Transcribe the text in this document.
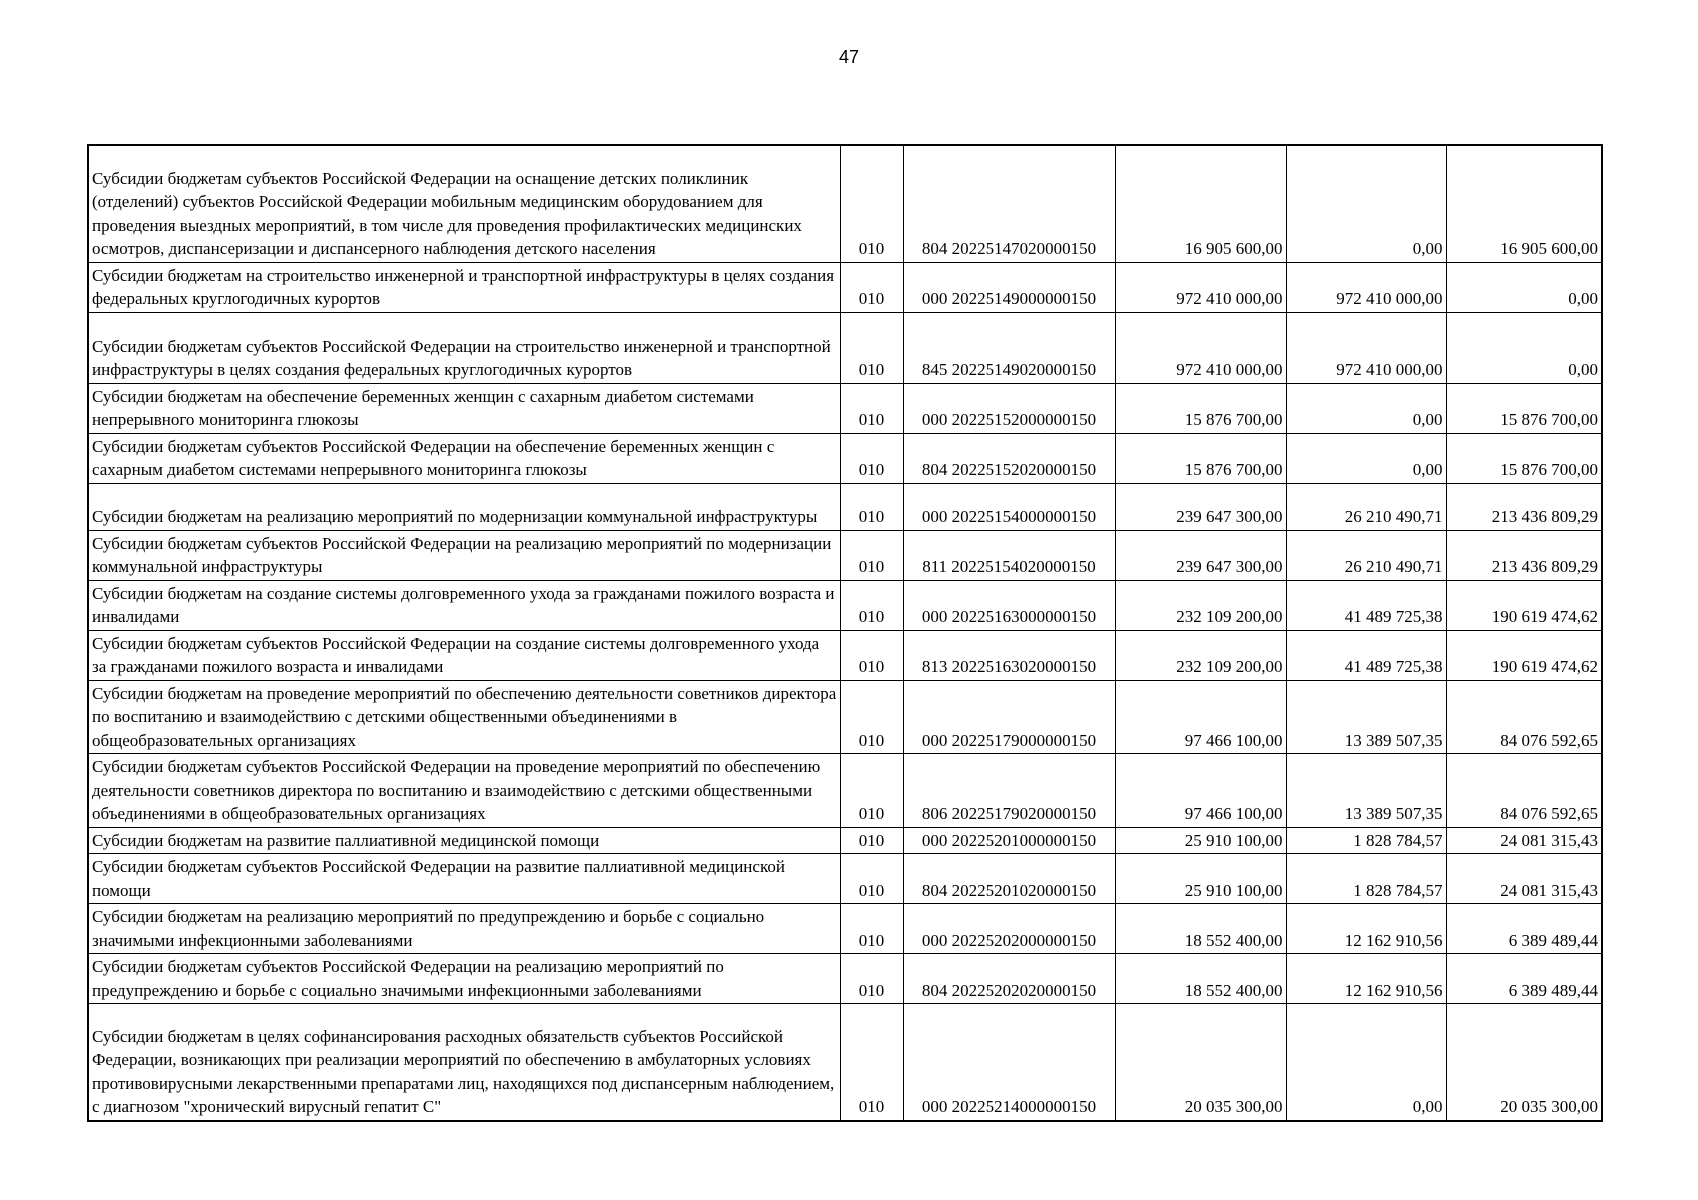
47
Субсидии бюджетам субъектов Российской Федерации на оснащение детских поликлиник (отделений) субъектов Российской Федерации мобильным медицинским оборудованием для проведения выездных мероприятий, в том числе для проведения профилактических медицинских осмотров, диспансеризации и диспансерного наблюдения детского населения	010	804 20225147020000150	16 905 600,00	0,00	16 905 600,00
Субсидии бюджетам на строительство инженерной и транспортной инфраструктуры в целях создания федеральных круглогодичных курортов	010	000 20225149000000150	972 410 000,00	972 410 000,00	0,00
Субсидии бюджетам субъектов Российской Федерации на строительство инженерной и транспортной инфраструктуры в целях создания федеральных круглогодичных курортов	010	845 20225149020000150	972 410 000,00	972 410 000,00	0,00
Субсидии бюджетам на обеспечение беременных женщин с сахарным диабетом системами непрерывного мониторинга глюкозы	010	000 20225152000000150	15 876 700,00	0,00	15 876 700,00
Субсидии бюджетам субъектов Российской Федерации на обеспечение беременных женщин с сахарным диабетом системами непрерывного мониторинга глюкозы	010	804 20225152020000150	15 876 700,00	0,00	15 876 700,00
Субсидии бюджетам на реализацию мероприятий по модернизации коммунальной инфраструктуры	010	000 20225154000000150	239 647 300,00	26 210 490,71	213 436 809,29
Субсидии бюджетам субъектов Российской Федерации на реализацию мероприятий по модернизации коммунальной инфраструктуры	010	811 20225154020000150	239 647 300,00	26 210 490,71	213 436 809,29
Субсидии бюджетам на создание системы долговременного ухода за гражданами пожилого возраста и инвалидами	010	000 20225163000000150	232 109 200,00	41 489 725,38	190 619 474,62
Субсидии бюджетам субъектов Российской Федерации на создание системы долговременного ухода за гражданами пожилого возраста и инвалидами	010	813 20225163020000150	232 109 200,00	41 489 725,38	190 619 474,62
Субсидии бюджетам на проведение мероприятий по обеспечению деятельности советников директора по воспитанию и взаимодействию с детскими общественными объединениями в общеобразовательных организациях	010	000 20225179000000150	97 466 100,00	13 389 507,35	84 076 592,65
Субсидии бюджетам субъектов Российской Федерации на проведение мероприятий по обеспечению деятельности советников директора по воспитанию и взаимодействию с детскими общественными объединениями в общеобразовательных организациях	010	806 20225179020000150	97 466 100,00	13 389 507,35	84 076 592,65
Субсидии бюджетам на развитие паллиативной медицинской помощи	010	000 20225201000000150	25 910 100,00	1 828 784,57	24 081 315,43
Субсидии бюджетам субъектов Российской Федерации на развитие паллиативной медицинской помощи	010	804 20225201020000150	25 910 100,00	1 828 784,57	24 081 315,43
Субсидии бюджетам на реализацию мероприятий по предупреждению и борьбе с социально значимыми инфекционными заболеваниями	010	000 20225202000000150	18 552 400,00	12 162 910,56	6 389 489,44
Субсидии бюджетам субъектов Российской Федерации на реализацию мероприятий по предупреждению и борьбе с социально значимыми инфекционными заболеваниями	010	804 20225202020000150	18 552 400,00	12 162 910,56	6 389 489,44
Субсидии бюджетам в целях софинансирования расходных обязательств субъектов Российской Федерации, возникающих при реализации мероприятий по обеспечению в амбулаторных условиях противовирусными лекарственными препаратами лиц, находящихся под диспансерным наблюдением, с диагнозом "хронический вирусный гепатит С"	010	000 20225214000000150	20 035 300,00	0,00	20 035 300,00
